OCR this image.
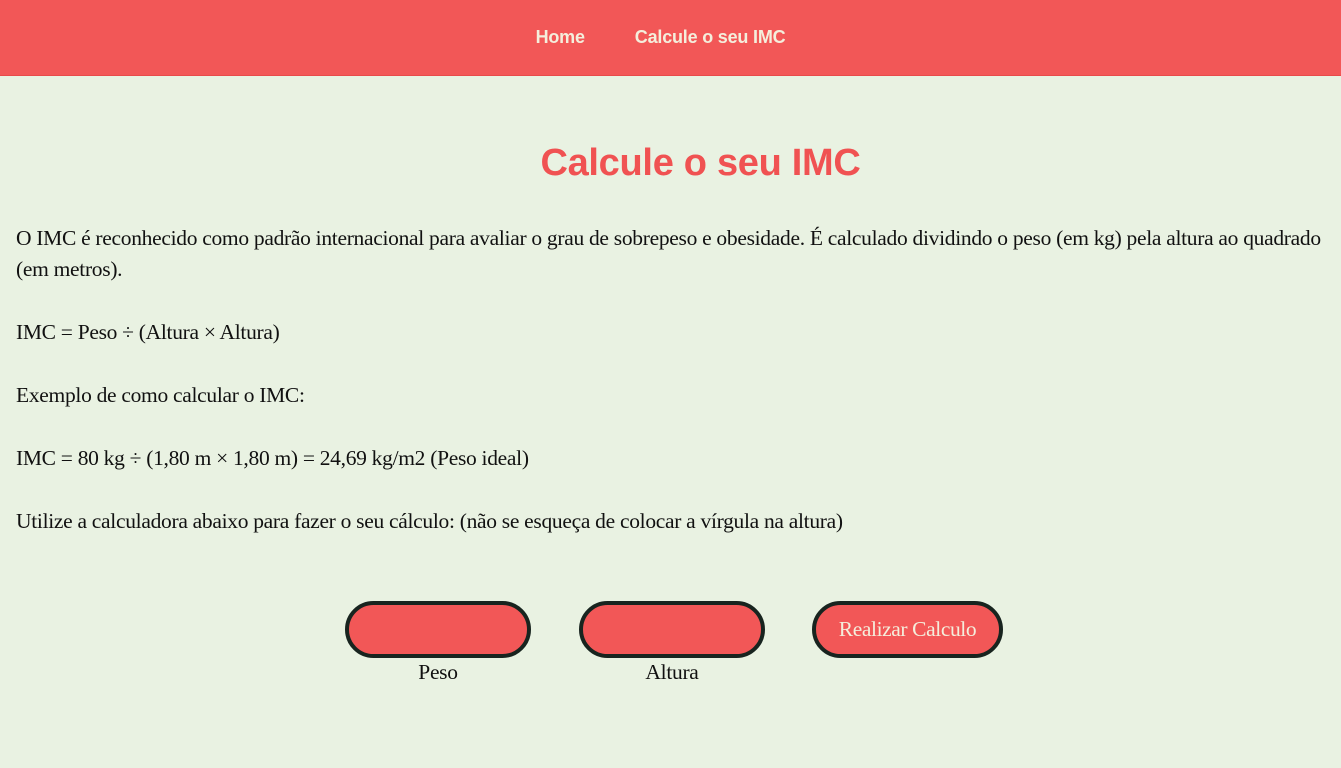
Home	Calcule o seu IMC
Calcule o seu IMC

O IMC é reconhecido como padrão internacional para avaliar o grau de sobrepeso e obesidade. É calculado dividindo o peso (em kg) pela altura ao quadrado (em metros).

IMC = Peso ÷ (Altura × Altura)

Exemplo de como calcular o IMC:

IMC = 80 kg ÷ (1,80 m × 1,80 m) = 24,69 kg/m2 (Peso ideal)

Utilize a calculadora abaixo para fazer o seu cálculo: (não se esqueça de colocar a vírgula na altura)

Peso	Altura
Realizar Calculo
